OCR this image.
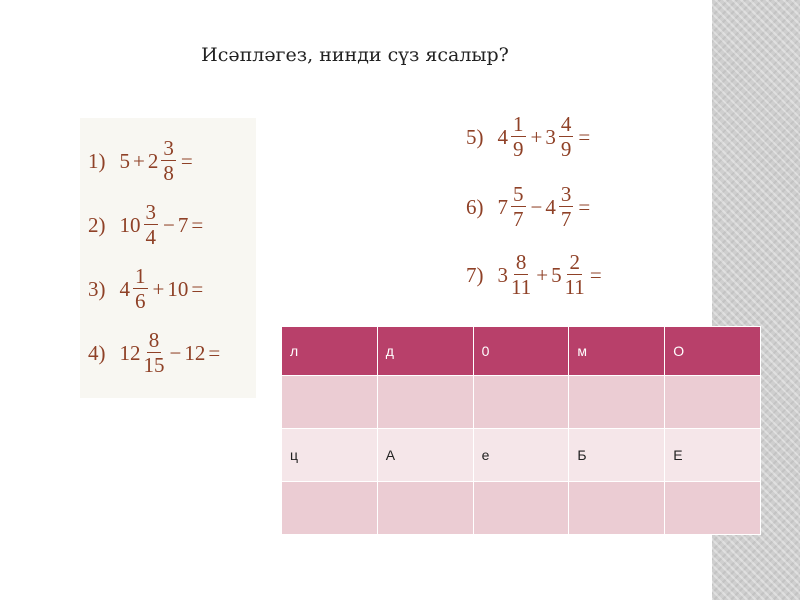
Исәпләгез, нинди сүз ясалыр?
1) $5 + 2 \frac{3}{8}$ =
2) $10 \frac{3}{4} - 7$ =
3) $4 \frac{1}{6} + 10$ =
4) $12 \frac{8}{15} - 12$ =
5) $4 \frac{1}{9} + 3 \frac{4}{9}$ =
6) $7 \frac{5}{7} - 4 \frac{3}{7}$ =
7) $3 \frac{8}{11} + 5 \frac{2}{11}$ =
л	д	0	м	О

ц	А	е	Б	Е
